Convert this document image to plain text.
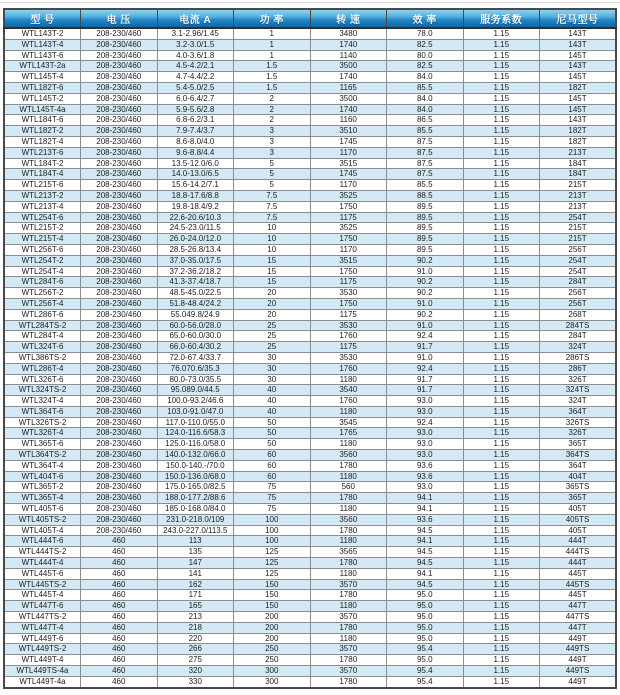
型 号	电 压	电流 A	功 率	转 速	效 率	服务系数	尼马型号
WTL143T-2	208-230/460	3.1-2.96/1.45	1	3480	78.0	1.15	143T
WTL143T-4	208-230/460	3.2-3.0/1.5	1	1740	82.5	1.15	143T
WTL143T-6	208-230/460	4.0-3.6/1.8	1	1140	80.0	1.15	145T
WTL143T-2a	208-230/460	4.5-4.2/2.1	1.5	3500	82.5	1.15	143T
WTL145T-4	208-230/460	4.7-4.4/2.2	1.5	1740	84.0	1.15	145T
WTL182T-6	208-230/460	5.4-5.0/2.5	1.5	1165	85.5	1.15	182T
WTL145T-2	208-230/460	6.0-6.4/2.7	2	3500	84.0	1.15	145T
WTL145T-4a	208-230/460	5.9-5.6/2.8	2	1740	84.0	1.15	145T
WTL184T-6	208-230/460	6.8-6.2/3.1	2	1160	86.5	1.15	143T
WTL182T-2	208-230/460	7.9-7.4/3.7	3	3510	85.5	1.15	182T
WTL182T-4	208-230/460	8.6-8.0/4.0	3	1745	87.5	1.15	182T
WTL213T-6	208-230/460	9.6-8.8/4.4	3	1170	87.5	1.15	213T
WTL184T-2	208-230/460	13.5-12.0/6.0	5	3515	87.5	1.15	184T
WTL184T-4	208-230/460	14.0-13.0/6.5	5	1745	87.5	1.15	184T
WTL215T-6	208-230/460	15.6-14.2/7.1	5	1170	85.5	1.15	215T
WTL213T-2	208-230/460	18.8-17.6/8.8	7.5	3525	88.5	1.15	213T
WTL213T-4	208-230/460	19.8-18.4/9.2	7.5	1750	89.5	1.15	213T
WTL254T-6	208-230/460	22.6-20.6/10.3	7.5	1175	89.5	1.15	254T
WTL215T-2	208-230/460	24.5-23.0/11.5	10	3525	89.5	1.15	215T
WTL215T-4	208-230/460	26.0-24.0/12.0	10	1750	89.5	1.15	215T
WTL256T-6	208-230/460	28.5-26.8/13.4	10	1170	89.5	1.15	256T
WTL254T-2	208-230/460	37.0-35.0/17.5	15	3515	90.2	1.15	254T
WTL254T-4	208-230/460	37.2-36.2/18.2	15	1750	91.0	1.15	254T
WTL284T-6	208-230/460	41.3-37.4/18.7	15	1175	90.2	1.15	284T
WTL256T-2	208-230/460	48.5-45.0/22.5	20	3530	90.2	1.15	256T
WTL256T-4	208-230/460	51.8-48.4/24.2	20	1750	91.0	1.15	256T
WTL286T-6	208-230/460	55.049.8/24.9	20	1175	90.2	1.15	268T
WTL284TS-2	208-230/460	60.0-56.0/28.0	25	3530	91.0	1.15	284TS
WTL284T-4	208-230/460	65.0-60.0/30.0	25	1760	92.4	1.15	284T
WTL324T-6	208-230/460	66.0-60.4/30.2	25	1175	91.7	1.15	324T
WTL386TS-2	208-230/460	72.0-67.4/33.7	30	3530	91.0	1.15	286TS
WTL286T-4	208-230/460	76.070.6/35.3	30	1760	92.4	1.15	286T
WTL326T-6	208-230/460	80.0-73.0/35.5	30	1180	91.7	1.15	326T
WTL324TS-2	208-230/460	95.089.0/44.5	40	3540	91.7	1.15	324TS
WTL324T-4	208-230/460	100.0-93.2/46.6	40	1760	93.0	1.15	324T
WTL364T-6	208-230/460	103.0-91.0/47.0	40	1180	93.0	1.15	364T
WTL326TS-2	208-230/460	117.0-110.0/55.0	50	3545	92.4	1.15	326TS
WTL326T-4	208-230/460	124.0-116.6/58.3	50	1765	93.0	1.15	326T
WTL365T-6	208-230/460	125.0-116.0/58.0	50	1180	93.0	1.15	365T
WTL364TS-2	208-230/460	140.0-132.0/66.0	60	3560	93.0	1.15	364TS
WTL364T-4	208-230/460	150.0-140.-/70.0	60	1780	93.6	1.15	364T
WTL404T-6	208-230/460	150.0-136.0/68.0	60	1180	93.6	1.15	404T
WTL365T-2	208-230/460	175.0-165.0/82.5	75	560	93.0	1.15	365TS
WTL365T-4	208-230/460	188.0-177.2/88.6	75	1780	94.1	1.15	365T
WTL405T-6	208-230/460	185.0-168.0/84.0	75	1180	94.1	1.15	405T
WTL405TS-2	208-230/460	231.0-218.0/109	100	3560	93.6	1.15	405TS
WTL405T-4	208-230/460	243.0-227.0/113.5	100	1780	94.5	1.15	405T
WTL444T-6	460	113	100	1180	94.1	1.15	444T
WTL444TS-2	460	135	125	3565	94.5	1.15	444TS
WTL444T-4	460	147	125	1780	94.5	1.15	444T
WTL445T-6	460	141	125	1180	94.1	1.15	445T
WTL445TS-2	460	162	150	3570	94.5	1.15	445TS
WTL445T-4	460	171	150	1780	95.0	1.15	445T
WTL447T-6	460	165	150	1180	95.0	1.15	447T
WTL447TS-2	460	213	200	3570	95.0	1.15	447TS
WTL447T-4	460	218	200	1780	95.0	1.15	447T
WTL449T-6	460	220	200	1180	95.0	1.15	449T
WTL449TS-2	460	266	250	3570	95.4	1.15	449TS
WTL449T-4	460	275	250	1780	95.0	1.15	449T
WTL449TS-4a	460	320	300	3570	95.4	1.15	449TS
WTL449T-4a	460	330	300	1780	95.4	1.15	449T
